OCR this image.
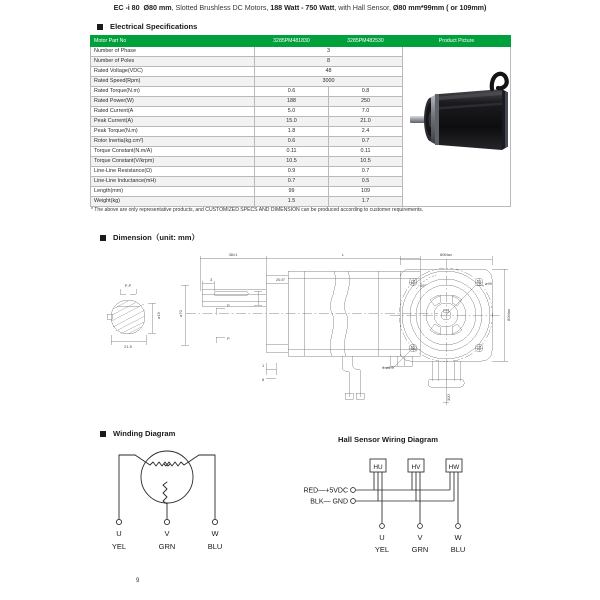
EC -i 80 Ø80 mm, Slotted Brushless DC Motors, 188 Watt - 750 Watt, with Hall Sensor, Ø80 mm*99mm ( or 109mm)
Electrical Specifications
Motor Part No	3285PM481830	3285PM482530	Product Picture
Number of Phase	3	

Number of Poles	8		
Rated Voltage(VDC)	48		
Rated Speed(Rpm)	3000		
Rated Torque(N.m)	0.6	0.8	
Rated Power(W)	188	250	
Rated Current(A	5.0	7.0	
Peak Current(A)	15.0	21.0	
Peak Torque(N.m)	1.8	2.4	
Rotor Inertia(kg.cm²)	0.6	0.7	
Torque Constant(N.m/A)	0.11	0.11	
Torque Constant(V/krpm)	10.5	10.5	
Line-Line Resistance(Ω)	0.9	0.7	
Line-Line Inductance(mH)	0.7	0.5	
Length(mm)	99	109	
Weight(kg)	1.5	1.7	
* The above are only representative products, and CUSTOMIZED SPECS AND DIMENSION can be produced according to customer requirements.
Dimension（unit: mm）
38±1	L
P-P
21.5
ø19	ø70
3	26.5°
P
P
1
8
80Max
80Max
ø99
45°
4-ø6.5
300
Winding Diagram
U	V	W
YEL	GRN	BLU
Hall Sensor Wiring Diagram
HU	HV	HW
RED—+5VDC
BLK— GND
U	V	W
YEL	GRN	BLU
9
